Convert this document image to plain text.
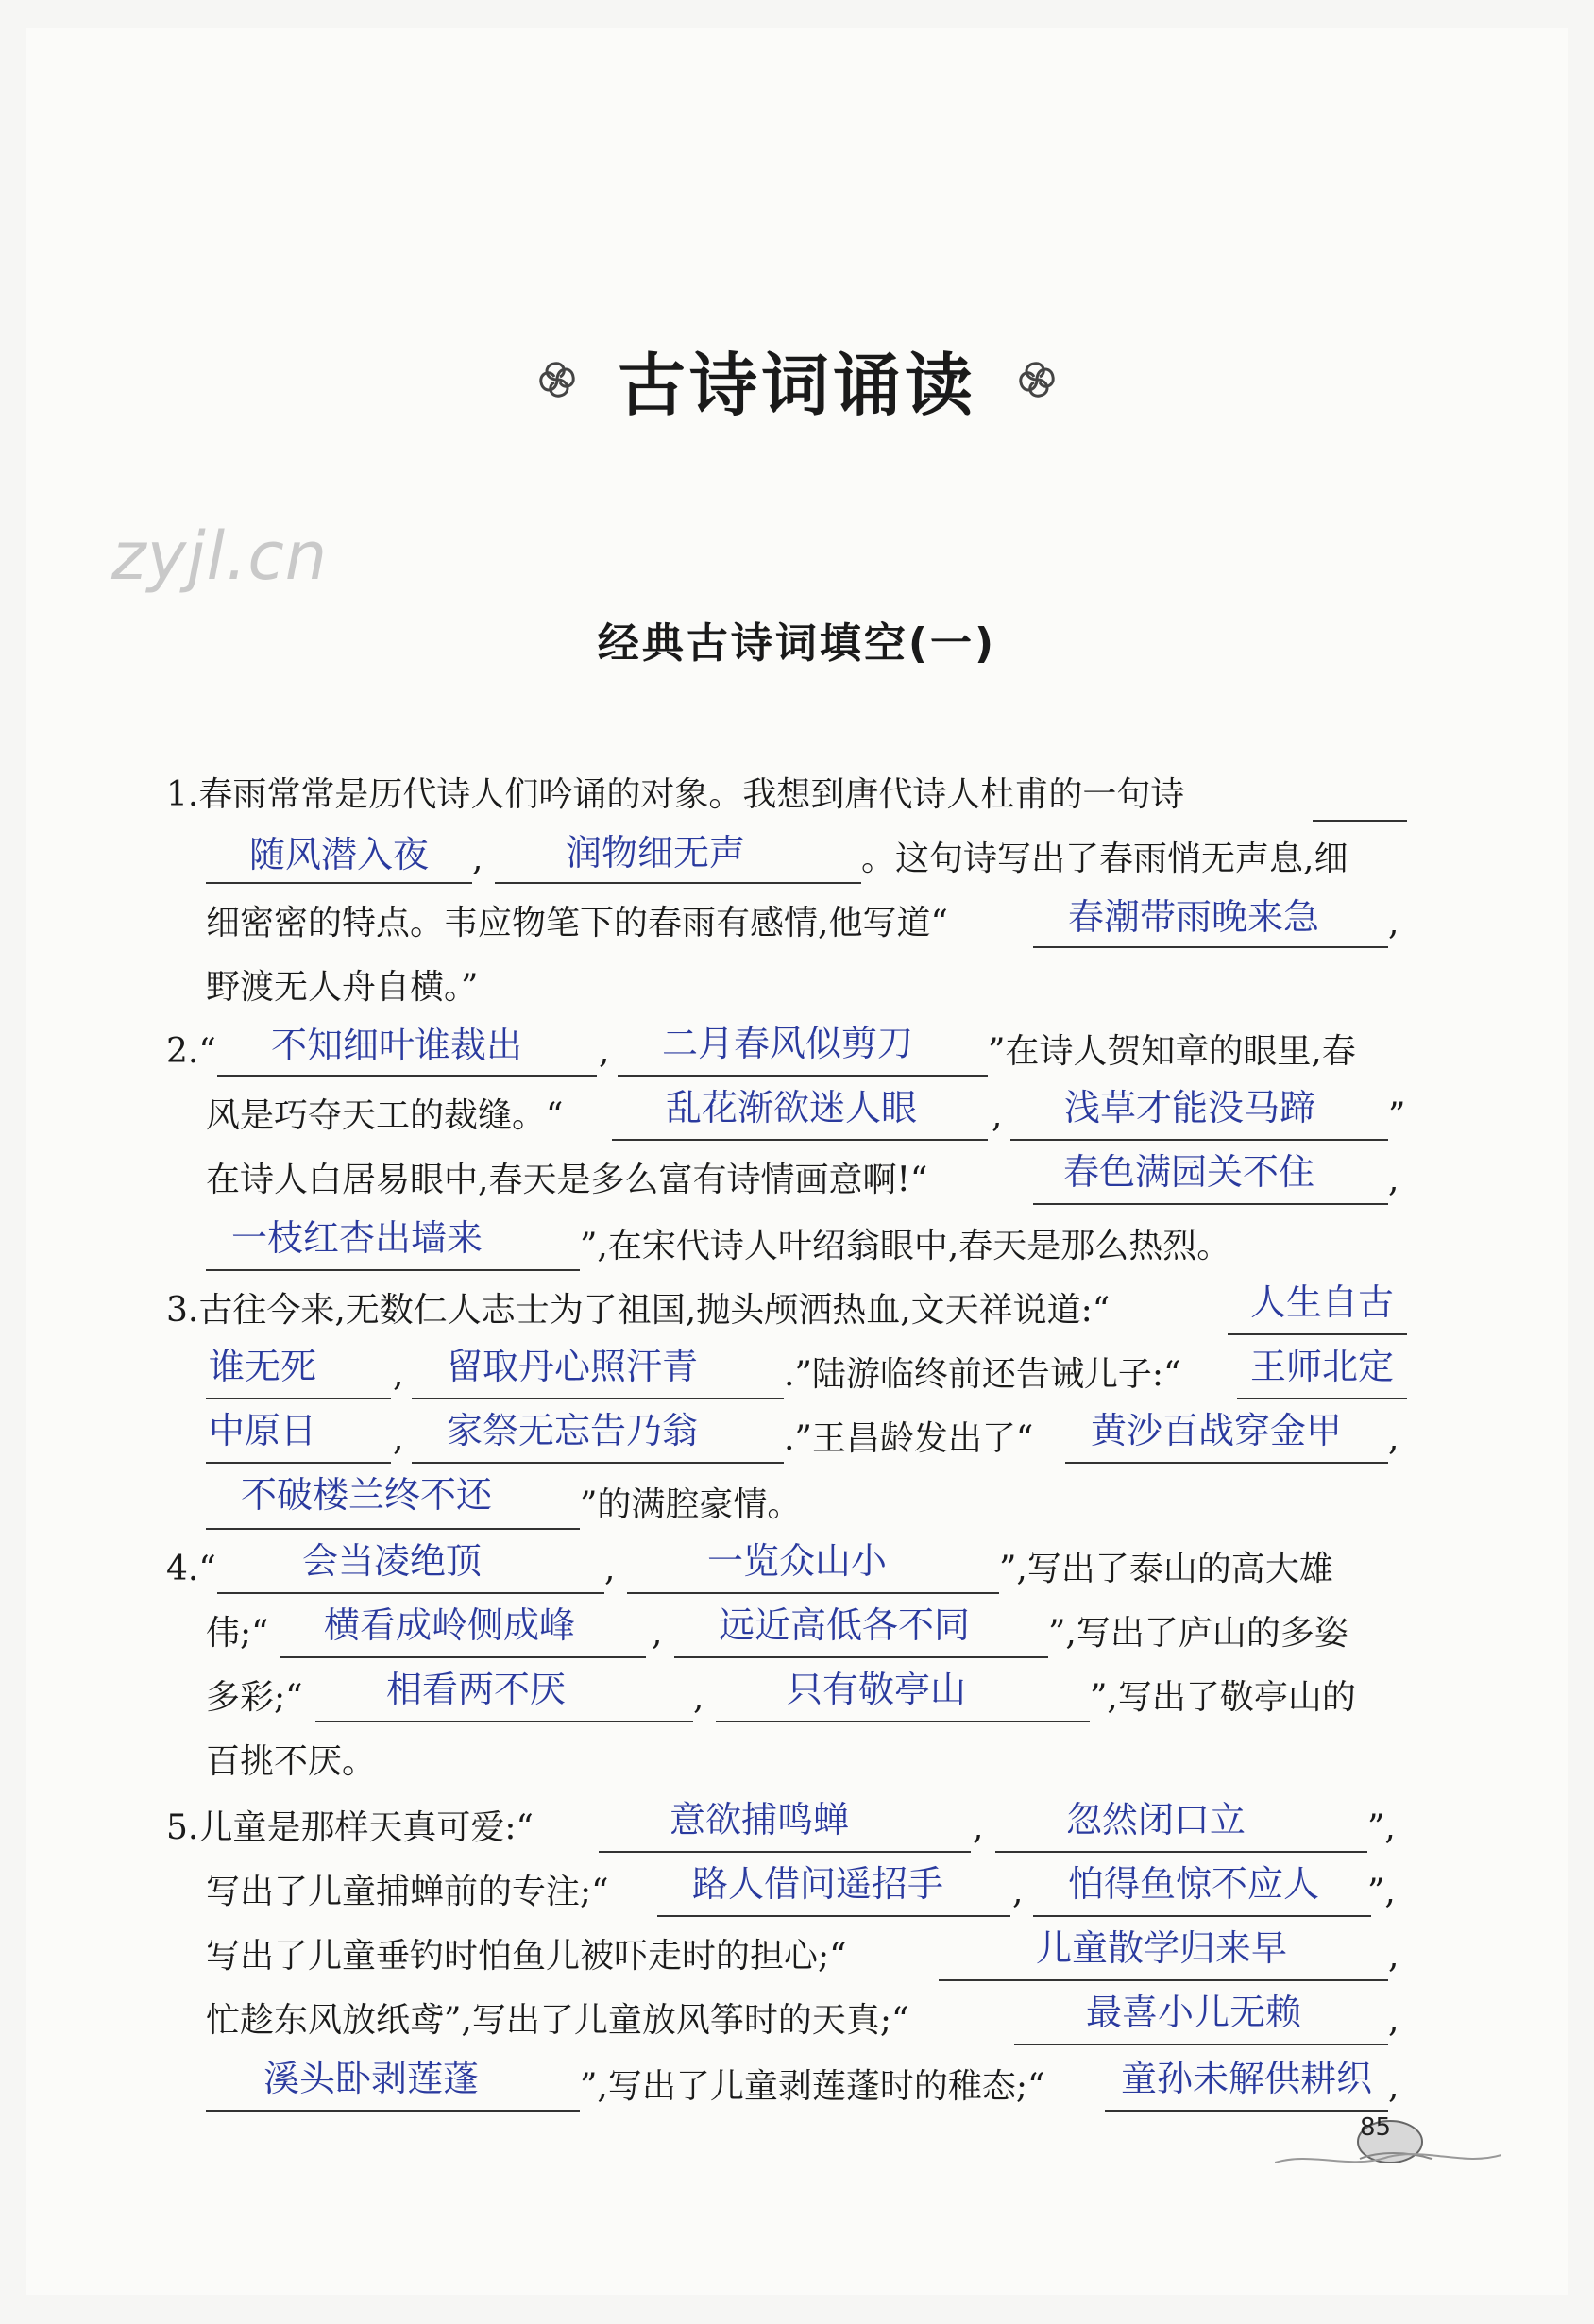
古诗词诵读
zyjl.cn
经典古诗词填空(一)
1.春雨常常是历代诗人们吟诵的对象。我想到唐代诗人杜甫的一句诗
随风潜入夜	,	润物细无声	。这句诗写出了春雨悄无声息,细
细密密的特点。韦应物笔下的春雨有感情,他写道“	春潮带雨晚来急	,
野渡无人舟自横。”
2.“	不知细叶谁裁出	,	二月春风似剪刀	”在诗人贺知章的眼里,春
风是巧夺天工的裁缝。“	乱花渐欲迷人眼	,	浅草才能没马蹄	”
在诗人白居易眼中,春天是多么富有诗情画意啊!“	春色满园关不住	,
一枝红杏出墙来	”,在宋代诗人叶绍翁眼中,春天是那么热烈。
3.古往今来,无数仁人志士为了祖国,抛头颅洒热血,文天祥说道:“	人生自古
谁无死 ,	留取丹心照汗青	.”陆游临终前还告诫儿子:“	王师北定
中原日 ,	家祭无忘告乃翁	.”王昌龄发出了“	黄沙百战穿金甲	,
不破楼兰终不还	”的满腔豪情。
4.“	会当凌绝顶	,	一览众山小	”,写出了泰山的高大雄
伟;“	横看成岭侧成峰	,	远近高低各不同	”,写出了庐山的多姿
多彩;“	相看两不厌	,	只有敬亭山	”,写出了敬亭山的
百挑不厌。
5.儿童是那样天真可爱:“	意欲捕鸣蝉	,	忽然闭口立	”,
写出了儿童捕蝉前的专注;“	路人借问遥招手	,	怕得鱼惊不应人	”,
写出了儿童垂钓时怕鱼儿被吓走时的担心;“	儿童散学归来早	,
忙趁东风放纸鸢”,写出了儿童放风筝时的天真;“	最喜小儿无赖	,
溪头卧剥莲蓬	”,写出了儿童剥莲蓬时的稚态;“	童孙未解供耕织 ,
85
